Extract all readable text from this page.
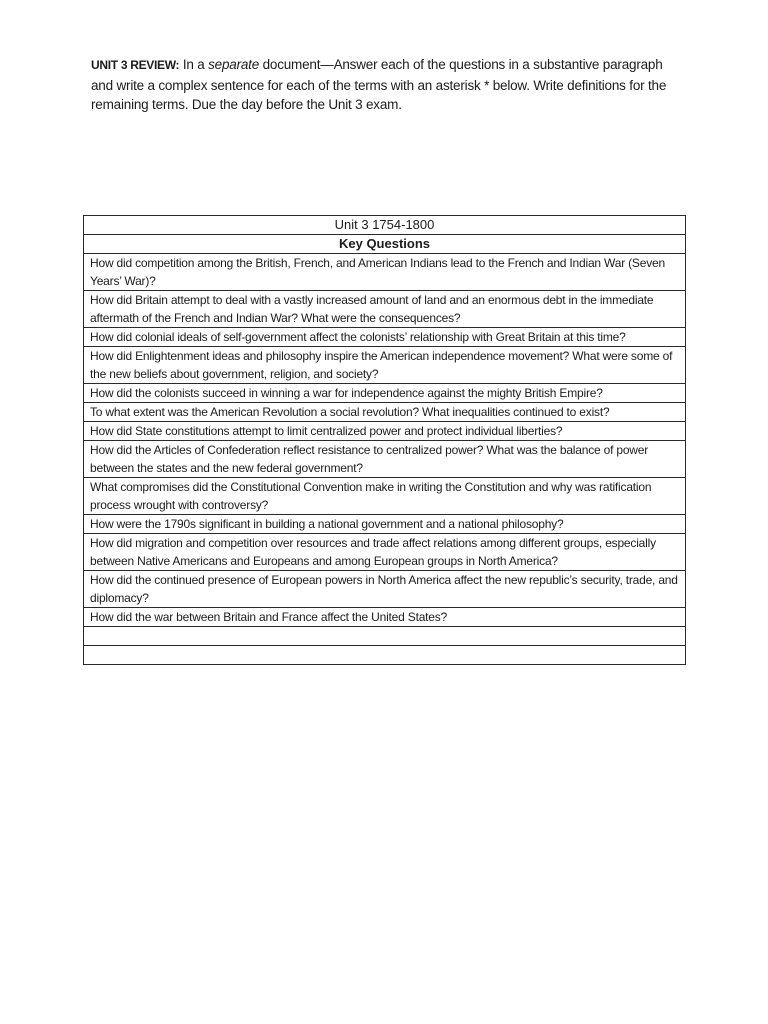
UNIT 3 REVIEW: In a separate document—Answer each of the questions in a substantive paragraph and write a complex sentence for each of the terms with an asterisk * below. Write definitions for the remaining terms. Due the day before the Unit 3 exam.

Unit 3 1754-1800
Key Questions
How did competition among the British, French, and American Indians lead to the French and Indian War (Seven Years’ War)?
How did Britain attempt to deal with a vastly increased amount of land and an enormous debt in the immediate aftermath of the French and Indian War? What were the consequences?
How did colonial ideals of self-government affect the colonists’ relationship with Great Britain at this time?
How did Enlightenment ideas and philosophy inspire the American independence movement? What were some of the new beliefs about government, religion, and society?
How did the colonists succeed in winning a war for independence against the mighty British Empire?
To what extent was the American Revolution a social revolution? What inequalities continued to exist?
How did State constitutions attempt to limit centralized power and protect individual liberties?
How did the Articles of Confederation reflect resistance to centralized power? What was the balance of power between the states and the new federal government?
What compromises did the Constitutional Convention make in writing the Constitution and why was ratification process wrought with controversy?
How were the 1790s significant in building a national government and a national philosophy?
How did migration and competition over resources and trade affect relations among different groups, especially between Native Americans and Europeans and among European groups in North America?
How did the continued presence of European powers in North America affect the new republic’s security, trade, and diplomacy?
How did the war between Britain and France affect the United States?
